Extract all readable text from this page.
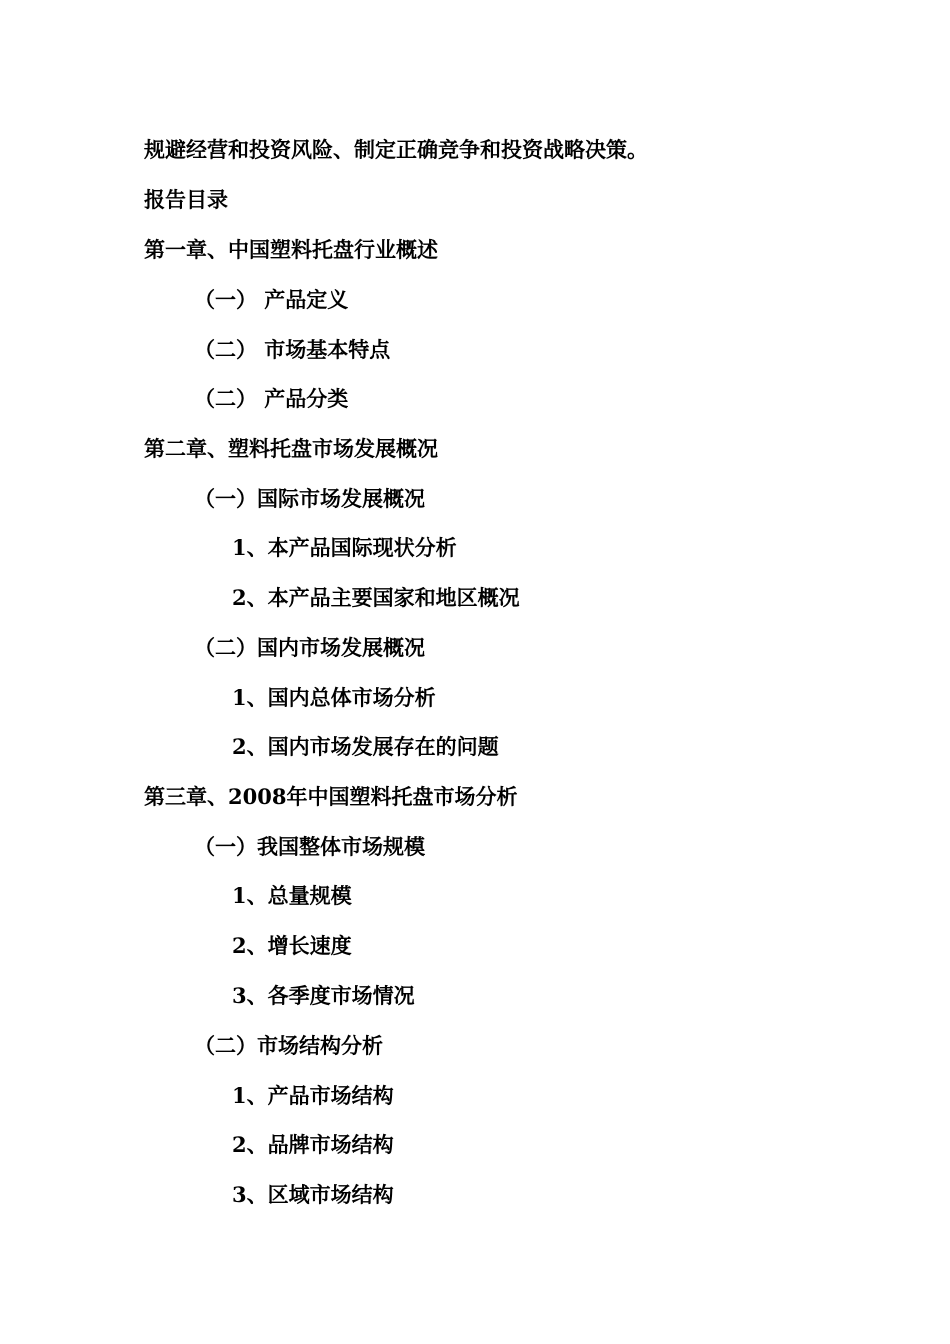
规避经营和投资风险、制定正确竞争和投资战略决策。
报告目录
第一章、中国塑料托盘行业概述
（一） 产品定义
（二） 市场基本特点
（二） 产品分类
第二章、塑料托盘市场发展概况
（一）国际市场发展概况
1、本产品国际现状分析
2、本产品主要国家和地区概况
（二）国内市场发展概况
1、国内总体市场分析
2、国内市场发展存在的问题
第三章、2008年中国塑料托盘市场分析
（一）我国整体市场规模
1、总量规模
2、增长速度
3、各季度市场情况
（二）市场结构分析
1、产品市场结构
2、品牌市场结构
3、区域市场结构
